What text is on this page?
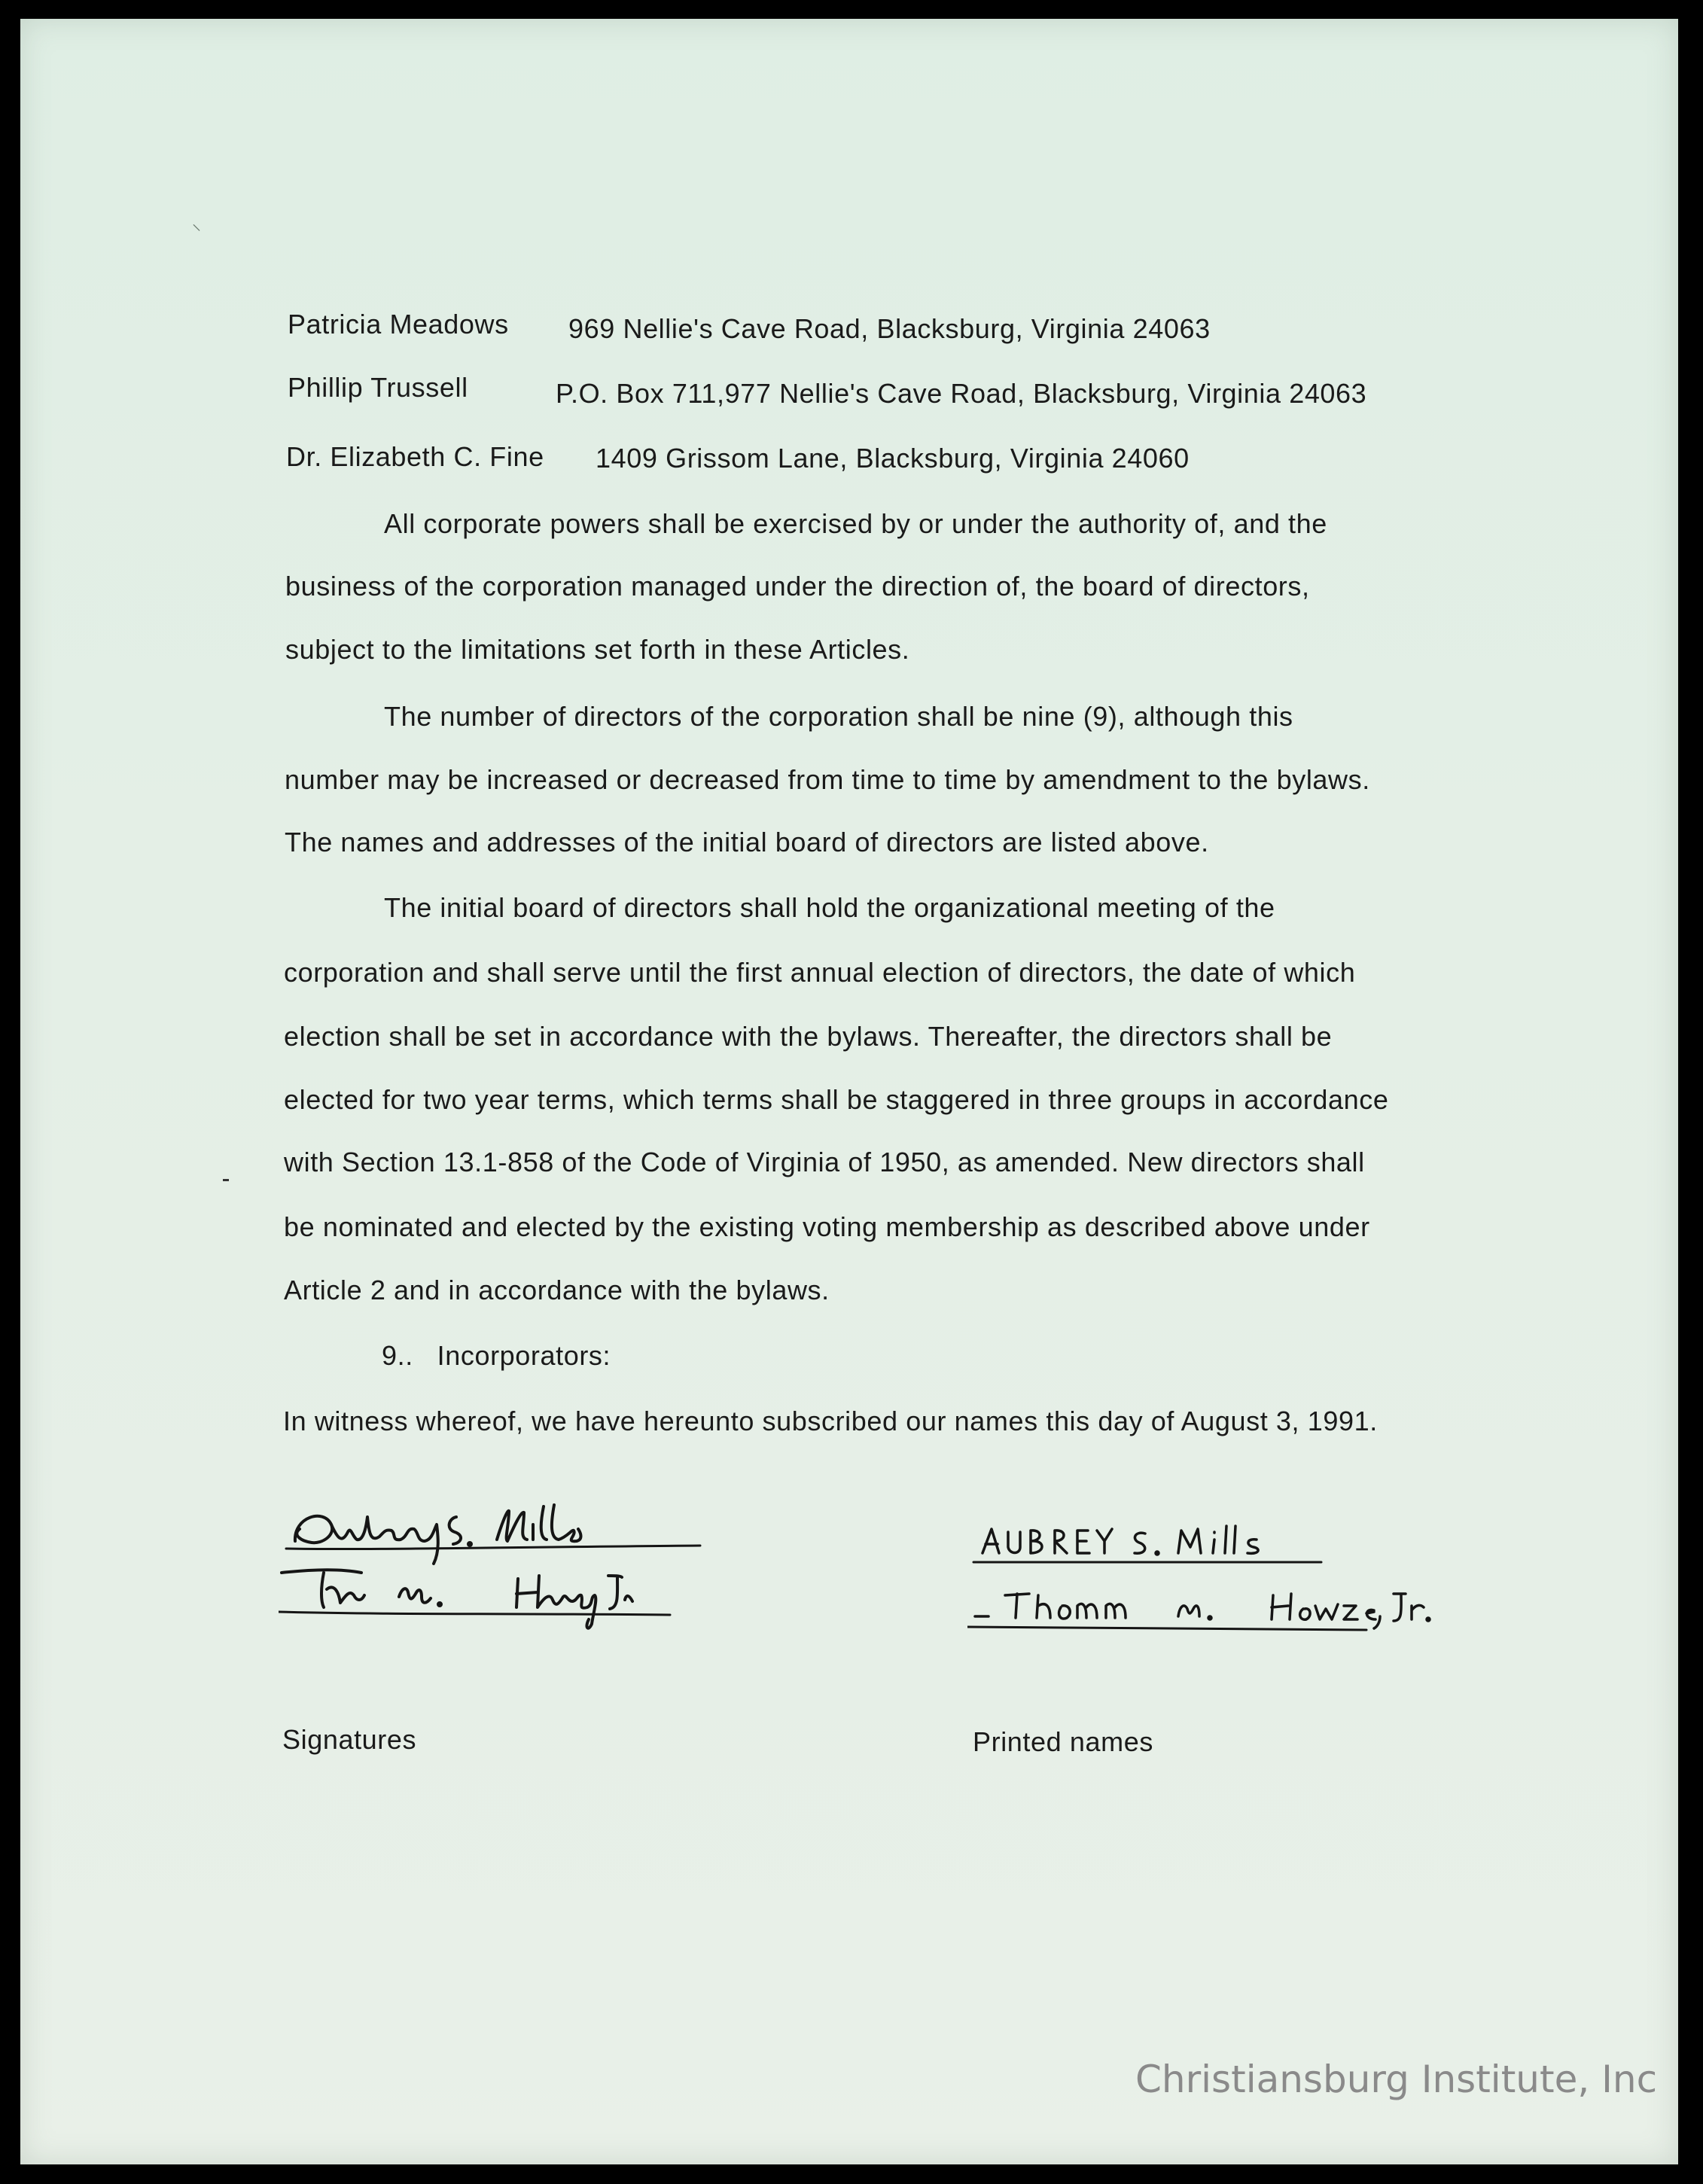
⸌
Patricia Meadows 969 Nellie's Cave Road, Blacksburg, Virginia 24063
Phillip Trussell	P.O. Box 711,977 Nellie's Cave Road, Blacksburg, Virginia 24063
Dr. Elizabeth C. Fine 1409 Grissom Lane, Blacksburg, Virginia 24060
All corporate powers shall be exercised by or under the authority of, and the
business of the corporation managed under the direction of, the board of directors,
subject to the limitations set forth in these Articles.
The number of directors of the corporation shall be nine (9), although this
number may be increased or decreased from time to time by amendment to the bylaws.
The names and addresses of the initial board of directors are listed above.
The initial board of directors shall hold the organizational meeting of the
corporation and shall serve until the first annual election of directors, the date of which
election shall be set in accordance with the bylaws. Thereafter, the directors shall be
elected for two year terms, which terms shall be staggered in three groups in accordance
with Section 13.1-858 of the Code of Virginia of 1950, as amended. New directors shall
be nominated and elected by the existing voting membership as described above under
Article 2 and in accordance with the bylaws.
9..   Incorporators:
In witness whereof, we have hereunto subscribed our names this day of August 3, 1991.
Signatures	Printed names
Christiansburg Institute, Inc
